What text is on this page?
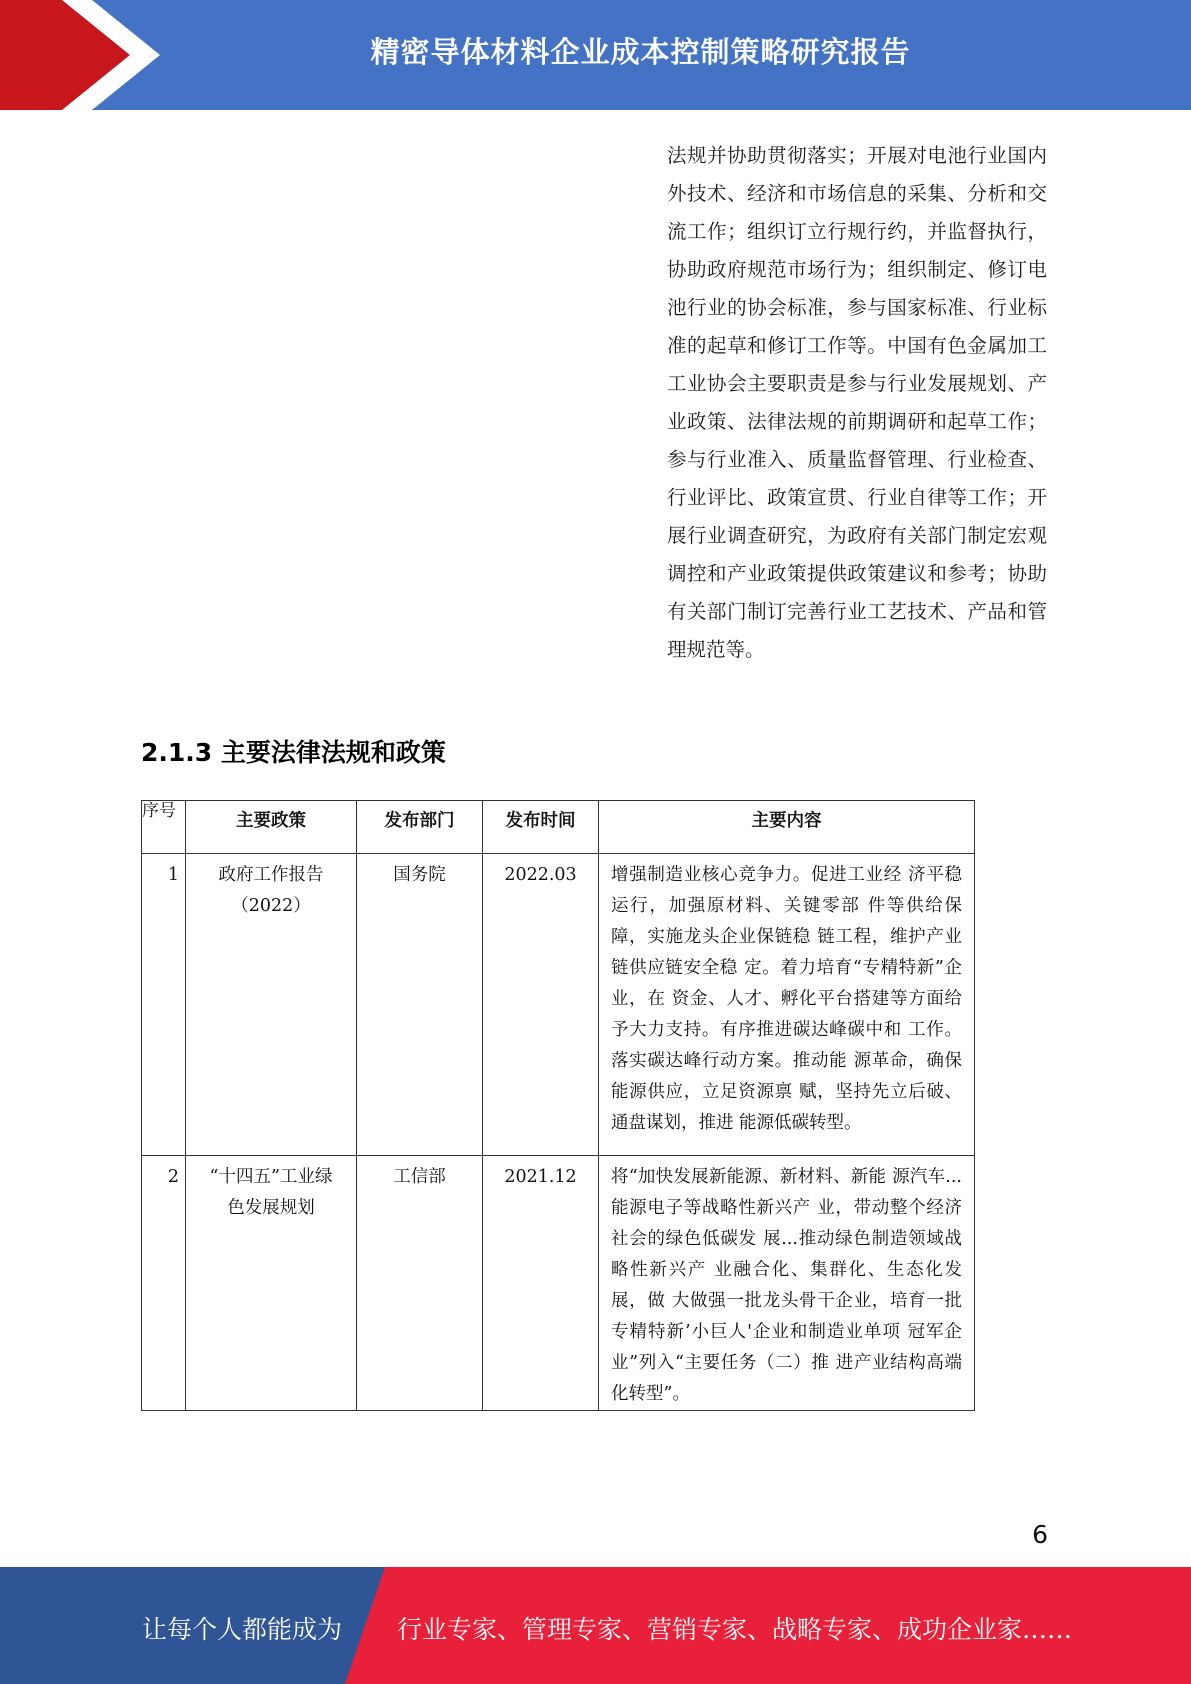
精密导体材料企业成本控制策略研究报告
法规并协助贯彻落实；开展对电池行业国内外技术、经济和市场信息的采集、分析和交流工作；组织订立行规行约，并监督执行，协助政府规范市场行为；组织制定、修订电池行业的协会标准，参与国家标准、行业标准的起草和修订工作等。中国有色金属加工工业协会主要职责是参与行业发展规划、产业政策、法律法规的前期调研和起草工作；参与行业准入、质量监督管理、行业检查、行业评比、政策宣贯、行业自律等工作；开展行业调查研究，为政府有关部门制定宏观调控和产业政策提供政策建议和参考；协助有关部门制订完善行业工艺技术、产品和管理规范等。
2.1.3 主要法律法规和政策
序号	主要政策	发布部门	发布时间	主要内容
1	政府工作报告（2022）	国务院	2022.03	增强制造业核心竞争力。促进工业经 济平稳运行，加强原材料、关键零部 件等供给保障，实施龙头企业保链稳 链工程，维护产业链供应链安全稳 定。着力培育“专精特新”企业，在 资金、人才、孵化平台搭建等方面给 予大力支持。有序推进碳达峰碳中和 工作。落实碳达峰行动方案。推动能 源革命，确保能源供应，立足资源禀 赋，坚持先立后破、通盘谋划，推进 能源低碳转型。
2	“十四五”工业绿色发展规划	工信部	2021.12	将“加快发展新能源、新材料、新能 源汽车...能源电子等战略性新兴产 业，带动整个经济社会的绿色低碳发 展...推动绿色制造领域战略性新兴产 业融合化、集群化、生态化发展，做 大做强一批龙头骨干企业，培育一批 专精特新’小巨人'企业和制造业单项 冠军企业”列入“主要任务（二）推 进产业结构高端化转型”。
6
让每个人都能成为 行业专家、管理专家、营销专家、战略专家、成功企业家……
